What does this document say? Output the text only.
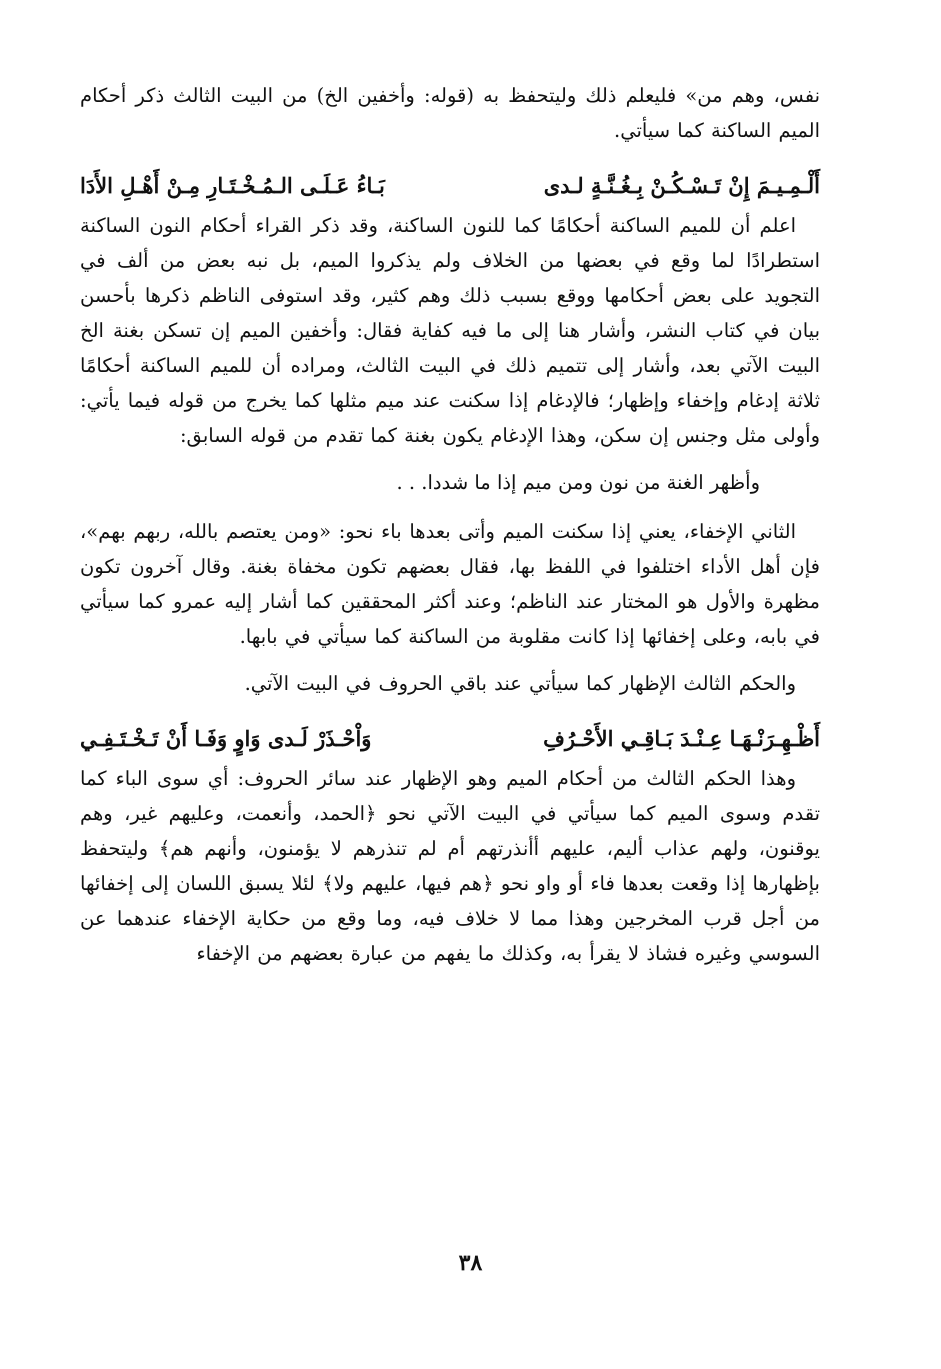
نفس، وهم من» فليعلم ذلك وليتحفظ به (قوله: وأخفين الخ) من البيت الثالث ذكر أحكام الميم الساكنة كما سيأتي.

أَلْـمِـيـمَ إِنْ تَـسْـكُـنْ بِـغُـنَّـةٍ لـدى
بَـاءُ عَـلَـى الـمُـخْـتَـارِ مِـنْ أَهْـلِ الأَدَا

اعلم أن للميم الساكنة أحكامًا كما للنون الساكنة، وقد ذكر القراء أحكام النون الساكنة استطرادًا لما وقع في بعضها من الخلاف ولم يذكروا الميم، بل نبه بعض من ألف في التجويد على بعض أحكامها ووقع بسبب ذلك وهم كثير، وقد استوفى الناظم ذكرها بأحسن بيان في كتاب النشر، وأشار هنا إلى ما فيه كفاية فقال: وأخفين الميم إن تسكن بغنة الخ البيت الآتي بعد، وأشار إلى تتميم ذلك في البيت الثالث، ومراده أن للميم الساكنة أحكامًا ثلاثة إدغام وإخفاء وإظهار؛ فالإدغام إذا سكنت عند ميم مثلها كما يخرج من قوله فيما يأتي: وأولى مثل وجنس إن سكن، وهذا الإدغام يكون بغنة كما تقدم من قوله السابق:

وأظهر الغنة من نون ومن ميم إذا ما شددا. . .

الثاني الإخفاء، يعني إذا سكنت الميم وأتى بعدها باء نحو: «ومن يعتصم بالله، ربهم بهم»، فإن أهل الأداء اختلفوا في اللفظ بها، فقال بعضهم تكون مخفاة بغنة. وقال آخرون تكون مظهرة والأول هو المختار عند الناظم؛ وعند أكثر المحققين كما أشار إليه عمرو كما سيأتي في بابه، وعلى إخفائها إذا كانت مقلوبة من الساكنة كما سيأتي في بابها.

والحكم الثالث الإظهار كما سيأتي عند باقي الحروف في البيت الآتي.

أَظْـهِـرَنْـهَـا عِـنْـدَ بَـاقِـي الأَحْـرُفِ
وَاْحْـذَرْ لَـدى وَاوٍ وَفَـا أَنْ تَـخْـتَـفِـي

وهذا الحكم الثالث من أحكام الميم وهو الإظهار عند سائر الحروف: أي سوى الباء كما تقدم وسوى الميم كما سيأتي في البيت الآتي نحو ﴿الحمد، وأنعمت، وعليهم غير، وهم يوقنون، ولهم عذاب أليم، عليهم أأنذرتهم أم لم تنذرهم لا يؤمنون، وأنهم هم﴾ وليتحفظ بإظهارها إذا وقعت بعدها فاء أو واو نحو ﴿هم فيها، عليهم ولا﴾ لئلا يسبق اللسان إلى إخفائها من أجل قرب المخرجين وهذا مما لا خلاف فيه، وما وقع من حكاية الإخفاء عندهما عن السوسي وغيره فشاذ لا يقرأ به، وكذلك ما يفهم من عبارة بعضهم من الإخفاء

٣٨
